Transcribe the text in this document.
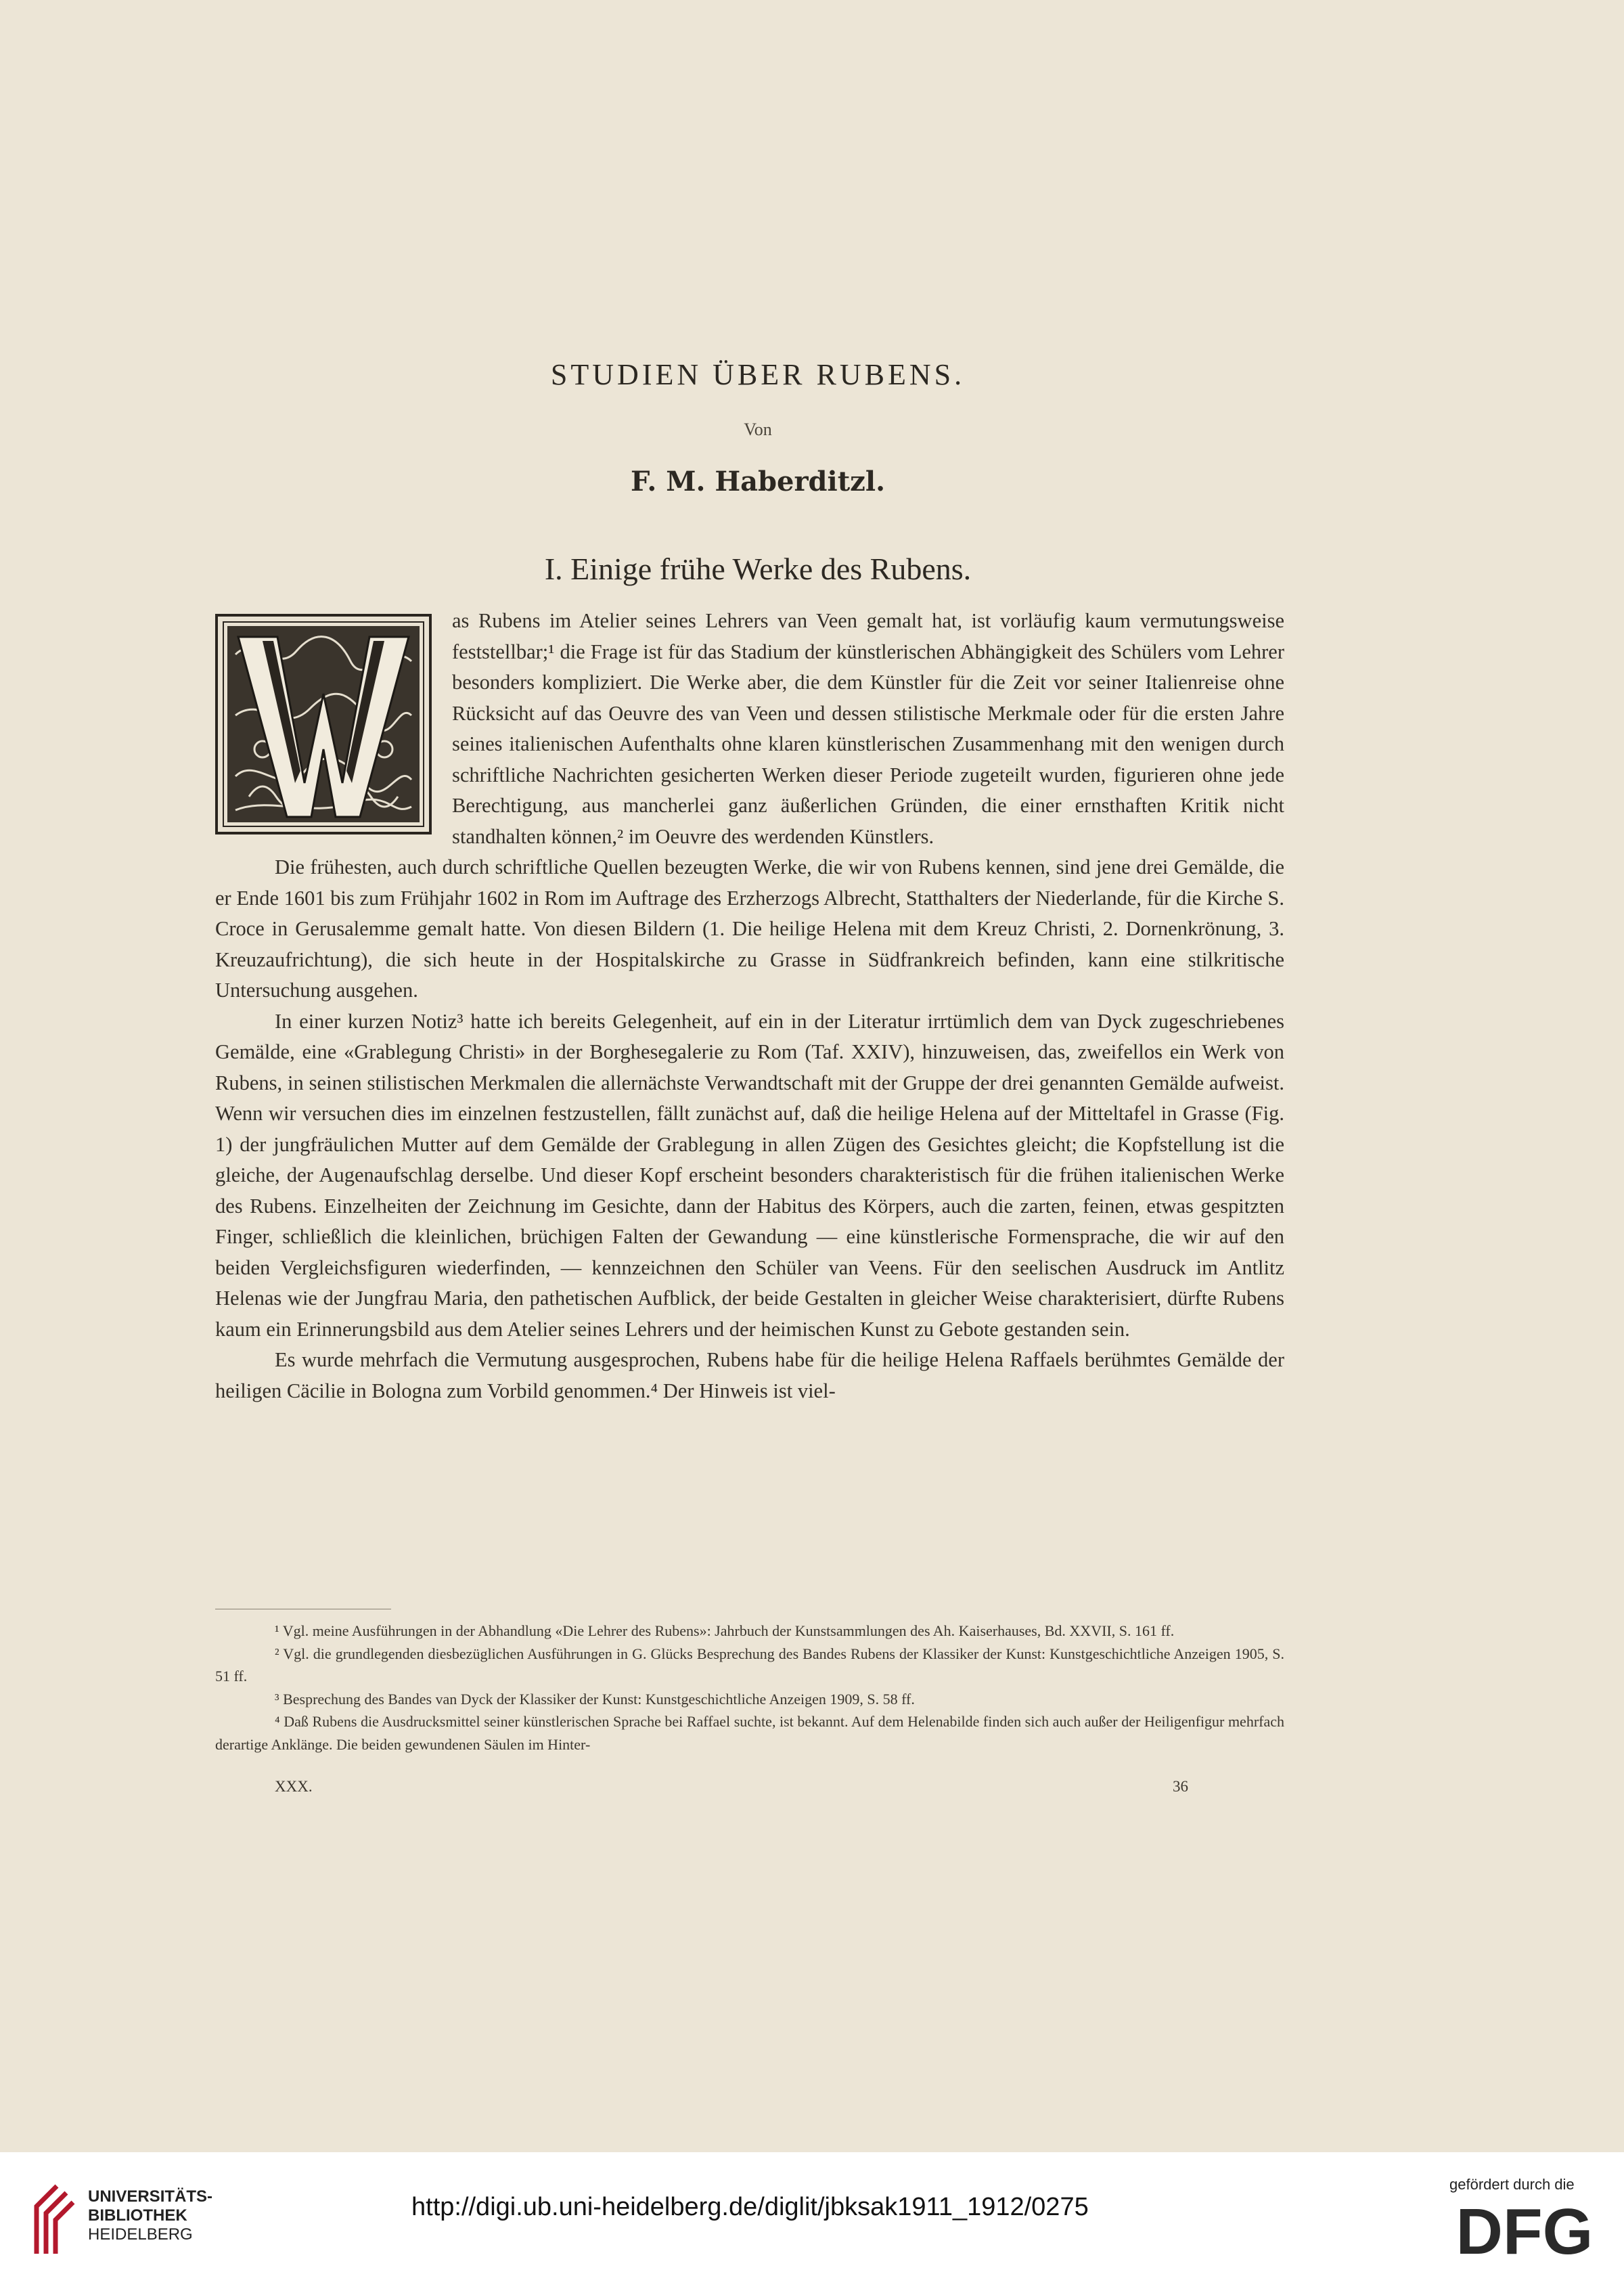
STUDIEN ÜBER RUBENS.
Von
F. M. Haberditzl.
I. Einige frühe Werke des Rubens.

as Rubens im Atelier seines Lehrers van Veen gemalt hat, ist vorläufig kaum vermutungsweise feststellbar;¹ die Frage ist für das Stadium der künstlerischen Abhängigkeit des Schülers vom Lehrer besonders kompliziert. Die Werke aber, die dem Künstler für die Zeit vor seiner Italienreise ohne Rücksicht auf das Oeuvre des van Veen und dessen stilistische Merkmale oder für die ersten Jahre seines italienischen Aufenthalts ohne klaren künstlerischen Zusammenhang mit den wenigen durch schriftliche Nachrichten gesicherten Werken dieser Periode zugeteilt wurden, figurieren ohne jede Berechtigung, aus mancherlei ganz äußerlichen Gründen, die einer ernsthaften Kritik nicht standhalten können,² im Oeuvre des werdenden Künstlers.

Die frühesten, auch durch schriftliche Quellen bezeugten Werke, die wir von Rubens kennen, sind jene drei Gemälde, die er Ende 1601 bis zum Frühjahr 1602 in Rom im Auftrage des Erzherzogs Albrecht, Statthalters der Niederlande, für die Kirche S. Croce in Gerusalemme gemalt hatte. Von diesen Bildern (1. Die heilige Helena mit dem Kreuz Christi, 2. Dornenkrönung, 3. Kreuzaufrichtung), die sich heute in der Hospitalskirche zu Grasse in Südfrankreich befinden, kann eine stilkritische Untersuchung ausgehen.

In einer kurzen Notiz³ hatte ich bereits Gelegenheit, auf ein in der Literatur irrtümlich dem van Dyck zugeschriebenes Gemälde, eine «Grablegung Christi» in der Borghesegalerie zu Rom (Taf. XXIV), hinzuweisen, das, zweifellos ein Werk von Rubens, in seinen stilistischen Merkmalen die allernächste Verwandtschaft mit der Gruppe der drei genannten Gemälde aufweist. Wenn wir versuchen dies im einzelnen festzustellen, fällt zunächst auf, daß die heilige Helena auf der Mitteltafel in Grasse (Fig. 1) der jungfräulichen Mutter auf dem Gemälde der Grablegung in allen Zügen des Gesichtes gleicht; die Kopfstellung ist die gleiche, der Augenaufschlag derselbe. Und dieser Kopf erscheint besonders charakteristisch für die frühen italienischen Werke des Rubens. Einzelheiten der Zeichnung im Gesichte, dann der Habitus des Körpers, auch die zarten, feinen, etwas gespitzten Finger, schließlich die kleinlichen, brüchigen Falten der Gewandung — eine künstlerische Formensprache, die wir auf den beiden Vergleichsfiguren wiederfinden, — kennzeichnen den Schüler van Veens. Für den seelischen Ausdruck im Antlitz Helenas wie der Jungfrau Maria, den pathetischen Aufblick, der beide Gestalten in gleicher Weise charakterisiert, dürfte Rubens kaum ein Erinnerungsbild aus dem Atelier seines Lehrers und der heimischen Kunst zu Gebote gestanden sein.

Es wurde mehrfach die Vermutung ausgesprochen, Rubens habe für die heilige Helena Raffaels berühmtes Gemälde der heiligen Cäcilie in Bologna zum Vorbild genommen.⁴ Der Hinweis ist viel-

¹ Vgl. meine Ausführungen in der Abhandlung «Die Lehrer des Rubens»: Jahrbuch der Kunstsammlungen des Ah. Kaiserhauses, Bd. XXVII, S. 161 ff.

² Vgl. die grundlegenden diesbezüglichen Ausführungen in G. Glücks Besprechung des Bandes Rubens der Klassiker der Kunst: Kunstgeschichtliche Anzeigen 1905, S. 51 ff.

³ Besprechung des Bandes van Dyck der Klassiker der Kunst: Kunstgeschichtliche Anzeigen 1909, S. 58 ff.

⁴ Daß Rubens die Ausdrucksmittel seiner künstlerischen Sprache bei Raffael suchte, ist bekannt. Auf dem Helenabilde finden sich auch außer der Heiligenfigur mehrfach derartige Anklänge. Die beiden gewundenen Säulen im Hinter-

XXX.	36
UNIVERSITÄTS-
BIBLIOTHEK
HEIDELBERG
http://digi.ub.uni-heidelberg.de/diglit/jbksak1911_1912/0275
gefördert durch die
DFG
